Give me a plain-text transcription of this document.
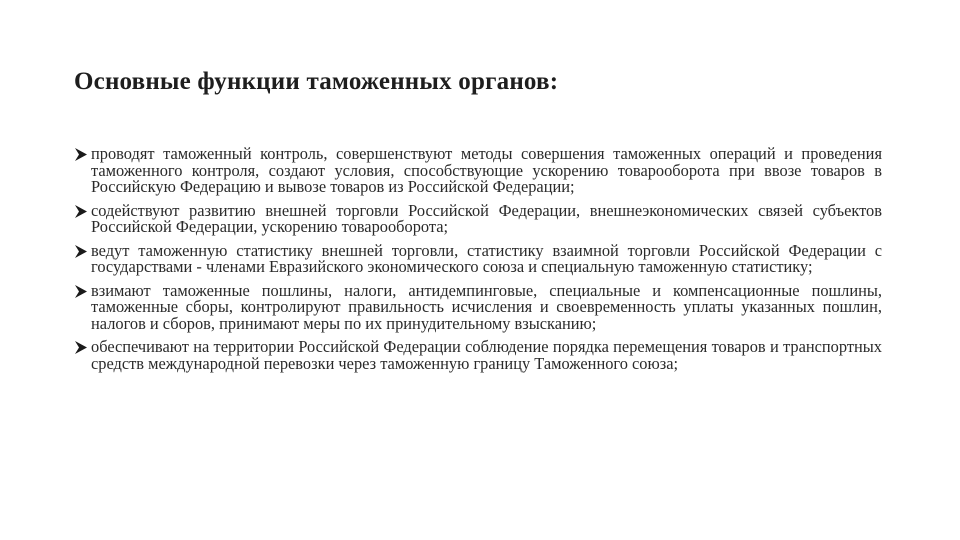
Основные функции таможенных органов:
проводят таможенный контроль, совершенствуют методы совершения таможенных операций и проведения таможенного контроля, создают условия, способствующие ускорению товарооборота при ввозе товаров в Российскую Федерацию и вывозе товаров из Российской Федерации;
содействуют развитию внешней торговли Российской Федерации, внешнеэкономических связей субъектов Российской Федерации, ускорению товарооборота;
ведут таможенную статистику внешней торговли, статистику взаимной торговли Российской Федерации с государствами - членами Евразийского экономического союза и специальную таможенную статистику;
взимают таможенные пошлины, налоги, антидемпинговые, специальные и компенсационные пошлины, таможенные сборы, контролируют правильность исчисления и своевременность уплаты указанных пошлин, налогов и сборов, принимают меры по их принудительному взысканию;
обеспечивают на территории Российской Федерации соблюдение порядка перемещения товаров и транспортных средств международной перевозки через таможенную границу Таможенного союза;
